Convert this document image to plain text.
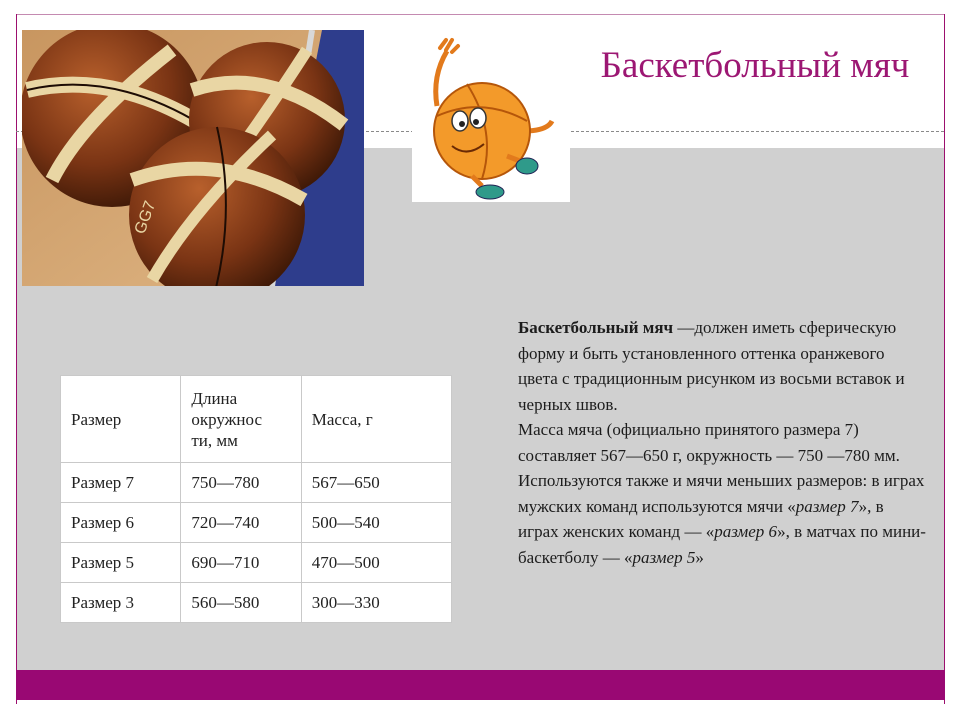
GG7
Баскетбольный мяч
Размер	Длина
окружнос
ти, мм	Масса, г
Размер 7	750—780	567—650
Размер 6	720—740	500—540
Размер 5	690—710	470—500
Размер 3	560—580	300—330
Баскетбольный мяч —должен иметь сферическую форму и быть установленного оттенка оранжевого цвета с традиционным рисунком из восьми вставок и черных швов.
Масса мяча (официально принятого размера 7) составляет 567—650 г, окружность — 750 —780 мм. Используются также и мячи меньших размеров: в играх мужских команд используются мячи «размер 7», в играх женских команд — «размер 6», в матчах по мини-баскетболу — «размер 5»
